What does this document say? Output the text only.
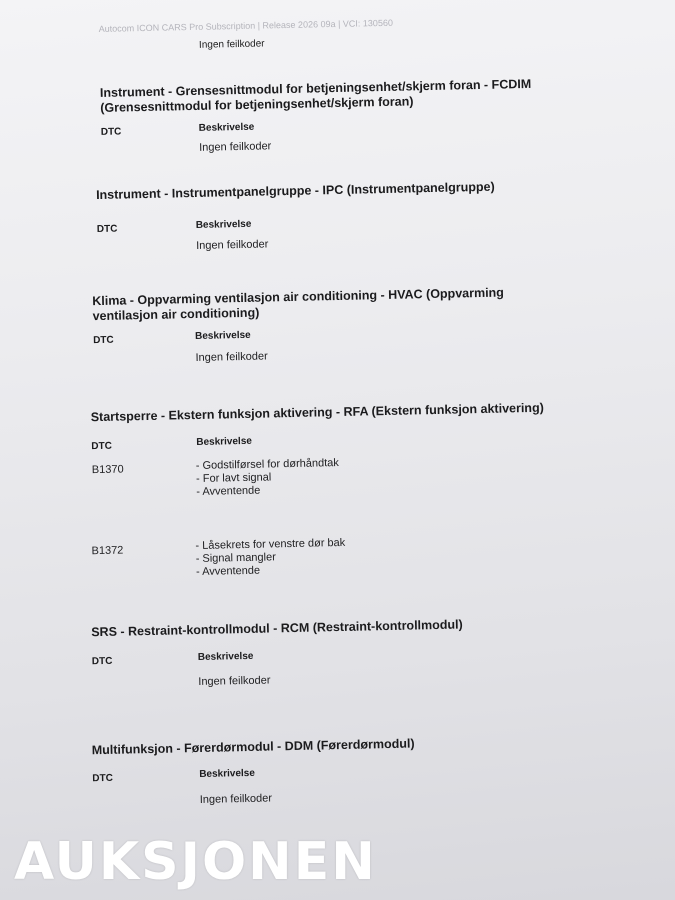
Autocom ICON CARS Pro Subscription | Release 2026 09a | VCI: 130560
Ingen feilkoder
Instrument - Grensesnittmodul for betjeningsenhet/skjerm foran - FCDIM
(Grensesnittmodul for betjeningsenhet/skjerm foran)
DTC	Beskrivelse
Ingen feilkoder
Instrument - Instrumentpanelgruppe - IPC (Instrumentpanelgruppe)
DTC	Beskrivelse
Ingen feilkoder
Klima - Oppvarming ventilasjon air conditioning - HVAC (Oppvarming
ventilasjon air conditioning)
DTC	Beskrivelse
Ingen feilkoder
Startsperre - Ekstern funksjon aktivering - RFA (Ekstern funksjon aktivering)
DTC	Beskrivelse
B1370	- Godstilførsel for dørhåndtak
- For lavt signal
- Avventende
B1372	- Låsekrets for venstre dør bak
- Signal mangler
- Avventende
SRS - Restraint-kontrollmodul - RCM (Restraint-kontrollmodul)
DTC	Beskrivelse
Ingen feilkoder
Multifunksjon - Førerdørmodul - DDM (Førerdørmodul)
DTC	Beskrivelse
Ingen feilkoder
AUKSJONEN
